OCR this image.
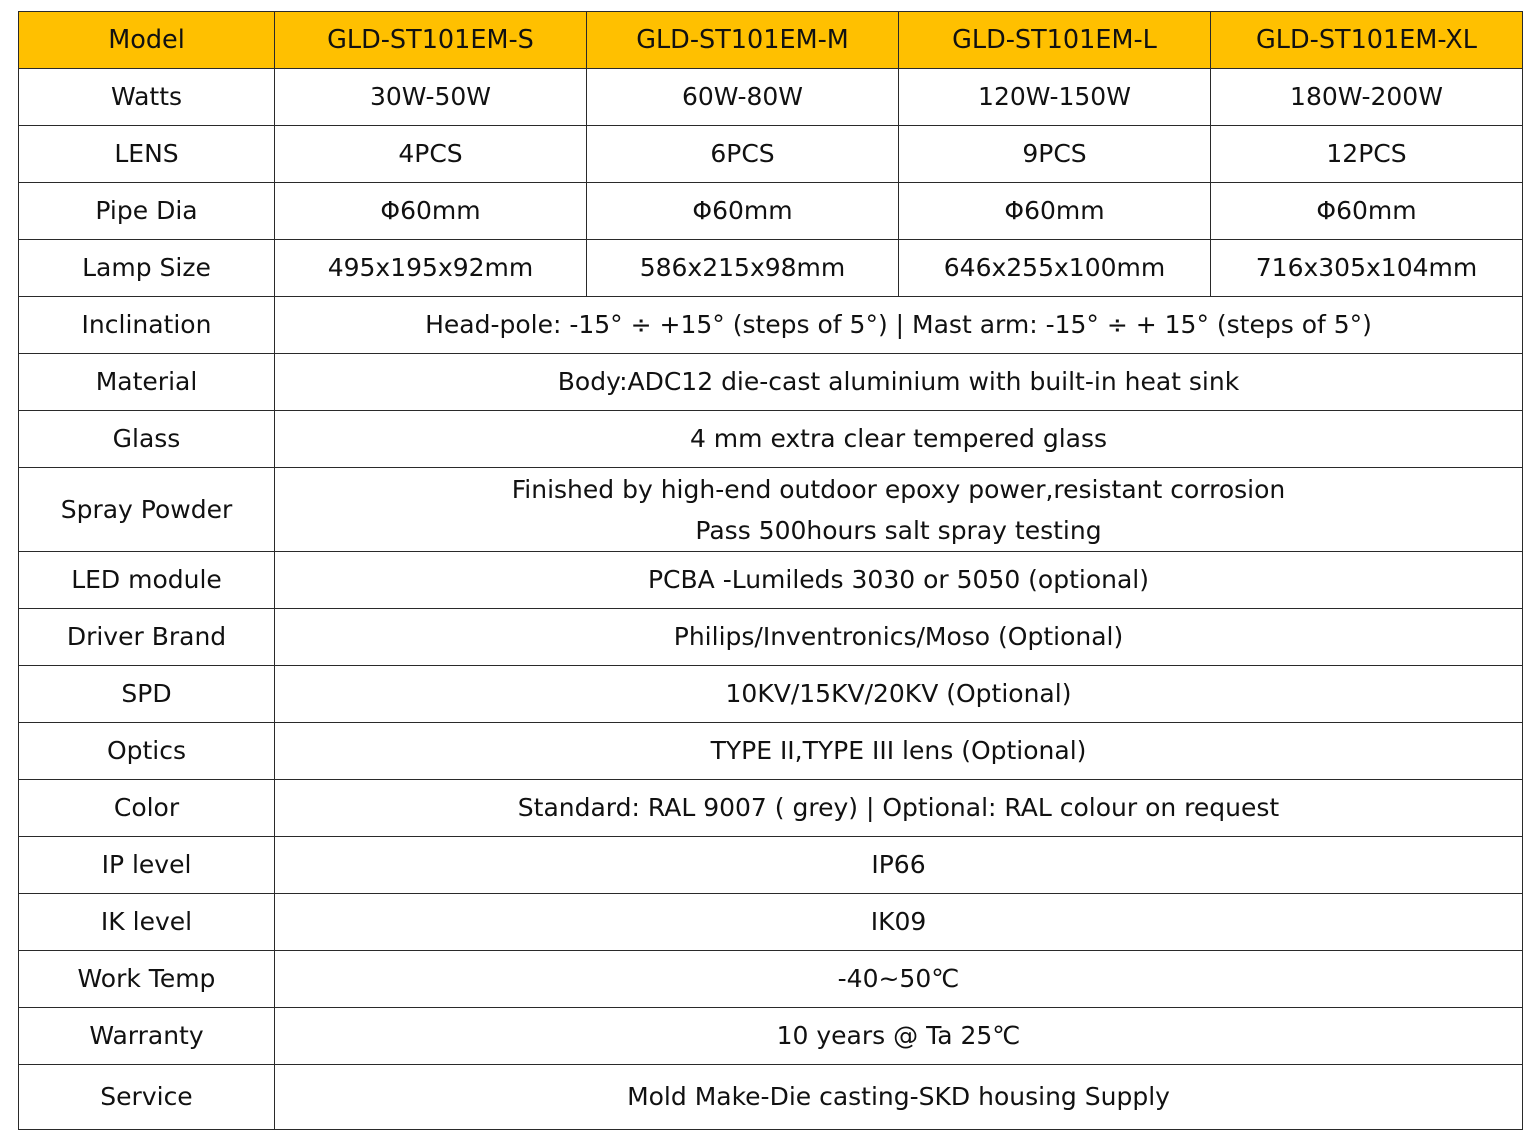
Model	GLD-ST101EM-S	GLD-ST101EM-M	GLD-ST101EM-L	GLD-ST101EM-XL
Watts	30W-50W	60W-80W	120W-150W	180W-200W
LENS	4PCS	6PCS	9PCS	12PCS
Pipe Dia	Φ60mm	Φ60mm	Φ60mm	Φ60mm
Lamp Size	495x195x92mm	586x215x98mm	646x255x100mm	716x305x104mm
Inclination	Head-pole: -15° ÷ +15° (steps of 5°) | Mast arm: -15° ÷ + 15° (steps of 5°)			
Material	Body:ADC12 die-cast aluminium with built-in heat sink			
Glass	4 mm extra clear tempered glass			
Spray Powder	Finished by high-end outdoor epoxy power,resistant corrosion
Pass 500hours salt spray testing			

LED module	PCBA -Lumileds 3030 or 5050 (optional)			
Driver Brand	Philips/Inventronics/Moso (Optional)			
SPD	10KV/15KV/20KV (Optional)			
Optics	TYPE II,TYPE III lens (Optional)			
Color	Standard: RAL 9007 ( grey) | Optional: RAL colour on request			
IP level	IP66			
IK level	IK09			
Work Temp	-40~50℃			
Warranty	10 years @ Ta 25℃			
Service	Mold Make-Die casting-SKD housing Supply			
